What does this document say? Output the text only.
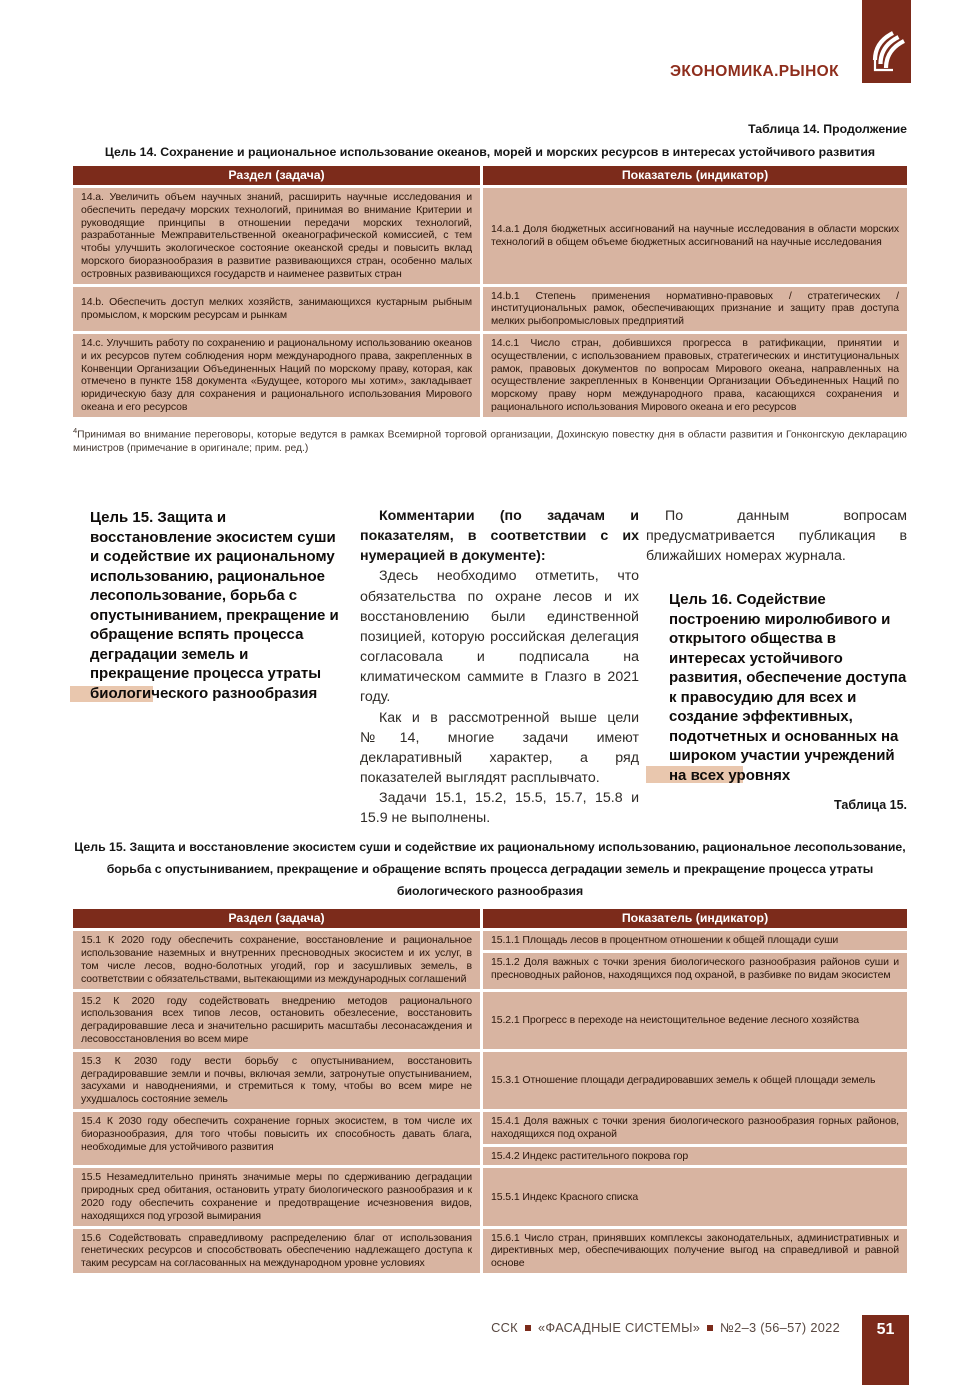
ЭКОНОМИКА.РЫНОК
Таблица 14. Продолжение
Цель 14. Сохранение и рациональное использование океанов, морей и морских ресурсов в интересах устойчивого развития
Раздел (задача)	Показатель (индикатор)
14.a. Увеличить объем научных знаний, расширить научные исследования и обеспечить передачу морских технологий, принимая во внимание Критерии и руководящие принципы в отношении передачи морских технологий, разработанные Межправительственной океанографической комиссией, с тем чтобы улучшить экологическое состояние океанской среды и повысить вклад морского биоразнообразия в развитие развивающихся стран, особенно малых островных развивающихся государств и наименее развитых стран
14.a.1 Доля бюджетных ассигнований на научные исследования в области морских технологий в общем объеме бюджетных ассигнований на научные исследования
14.b. Обеспечить доступ мелких хозяйств, занимающихся кустарным рыбным промыслом, к морским ресурсам и рынкам
14.b.1 Степень применения нормативно-правовых / стратегических / институциональных рамок, обеспечивающих признание и защиту прав доступа мелких рыбопромысловых предприятий
14.c. Улучшить работу по сохранению и рациональному использованию океанов и их ресурсов путем соблюдения норм международного права, закрепленных в Конвенции Организации Объединенных Наций по морскому праву, которая, как отмечено в пункте 158 документа «Будущее, которого мы хотим», закладывает юридическую базу для сохранения и рационального использования Мирового океана и его ресурсов
14.c.1 Число стран, добившихся прогресса в ратификации, принятии и осуществлении, с использованием правовых, стратегических и институциональных рамок, правовых документов по вопросам Мирового океана, направленных на осуществление закрепленных в Конвенции Организации Объединенных Наций по морскому праву норм международного права, касающихся сохранения и рационального использования Мирового океана и его ресурсов
$^4$Принимая во внимание переговоры, которые ведутся в рамках Всемирной торговой организации, Дохинскую повестку дня в области развития и Гонконгскую декларацию министров (примечание в оригинале; прим. ред.)
Цель 15. Защита и восстановление экосистем суши и содействие их рациональному использованию, рациональное лесопользование, борьба с опустыниванием, прекращение и обращение вспять процесса деградации земель и прекращение процесса утраты биологического разнообразия

Комментарии (по задачам и показателям, в соответствии с их нумерацией в документе):

Здесь необходимо отметить, что обязательства по охране лесов и их восстановлению были единственной позицией, которую российская делегация согласовала и подписала на климатическом саммите в Глазго в 2021 году.

Как и в рассмотренной выше цели №14, многие задачи имеют декларативный характер, а ряд показателей выглядят расплывчато.

Задачи 15.1, 15.2, 15.5, 15.7, 15.8 и 15.9 не выполнены.

По данным вопросам предусматривается публикация в ближайших номерах журнала.

Цель 16. Содействие построению миролюбивого и открытого общества в интересах устойчивого развития, обеспечение доступа к правосудию для всех и создание эффективных, подотчетных и основанных на широком участии учреждений на всех уровнях
Таблица 15.
Цель 15. Защита и восстановление экосистем суши и содействие их рациональному использованию, рациональное лесопользование, борьба с опустыниванием, прекращение и обращение вспять процесса деградации земель и прекращение процесса утраты биологического разнообразия
Раздел (задача)	Показатель (индикатор)
15.1 К 2020 году обеспечить сохранение, восстановление и рациональное использование наземных и внутренних пресноводных экосистем и их услуг, в том числе лесов, водно-болотных угодий, гор и засушливых земель, в соответствии с обязательствами, вытекающими из международных соглашений
15.1.1 Площадь лесов в процентном отношении к общей площади суши
15.1.2 Доля важных с точки зрения биологического разнообразия районов суши и пресноводных районов, находящихся под охраной, в разбивке по видам экосистем
15.2 К 2020 году содействовать внедрению методов рационального использования всех типов лесов, остановить обезлесение, восстановить деградировавшие леса и значительно расширить масштабы лесонасаждения и лесовосстановления во всем мире
15.2.1 Прогресс в переходе на неистощительное ведение лесного хозяйства
15.3 К 2030 году вести борьбу с опустыниванием, восстановить деградировавшие земли и почвы, включая земли, затронутые опустыниванием, засухами и наводнениями, и стремиться к тому, чтобы во всем мире не ухудшалось состояние земель
15.3.1 Отношение площади деградировавших земель к общей площади земель
15.4 К 2030 году обеспечить сохранение горных экосистем, в том числе их биоразнообразия, для того чтобы повысить их способность давать блага, необходимые для устойчивого развития
15.4.1 Доля важных с точки зрения биологического разнообразия горных районов, находящихся под охраной
15.4.2 Индекс растительного покрова гор
15.5 Незамедлительно принять значимые меры по сдерживанию деградации природных сред обитания, остановить утрату биологического разнообразия и к 2020 году обеспечить сохранение и предотвращение исчезновения видов, находящихся под угрозой вымирания
15.5.1 Индекс Красного списка
15.6 Содействовать справедливому распределению благ от использования генетических ресурсов и способствовать обеспечению надлежащего доступа к таким ресурсам на согласованных на международном уровне условиях
15.6.1 Число стран, принявших комплексы законодательных, административных и директивных мер, обеспечивающих получение выгод на справедливой и равной основе
ССК «ФАСАДНЫЕ СИСТЕМЫ» №2–3 (56–57) 2022	51
